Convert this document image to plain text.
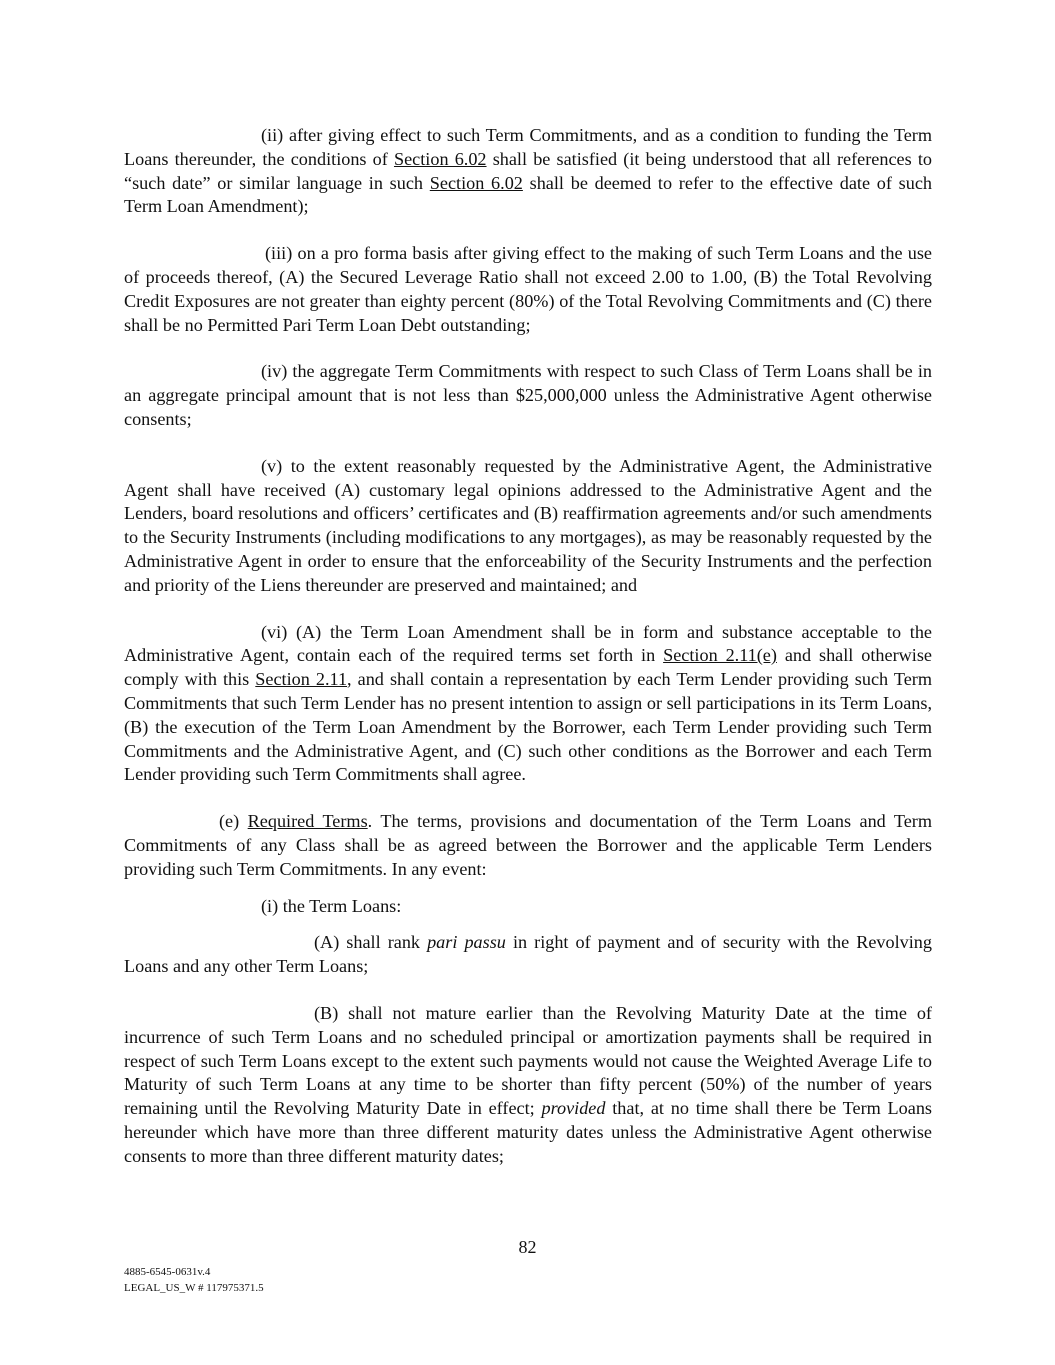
(ii) after giving effect to such Term Commitments, and as a condition to funding the Term Loans thereunder, the conditions of Section 6.02 shall be satisfied (it being understood that all references to “such date” or similar language in such Section 6.02 shall be deemed to refer to the effective date of such Term Loan Amendment);

(iii) on a pro forma basis after giving effect to the making of such Term Loans and the use of proceeds thereof, (A) the Secured Leverage Ratio shall not exceed 2.00 to 1.00, (B) the Total Revolving Credit Exposures are not greater than eighty percent (80%) of the Total Revolving Commitments and (C) there shall be no Permitted Pari Term Loan Debt outstanding;

(iv) the aggregate Term Commitments with respect to such Class of Term Loans shall be in an aggregate principal amount that is not less than $25,000,000 unless the Administrative Agent otherwise consents;

(v) to the extent reasonably requested by the Administrative Agent, the Administrative Agent shall have received (A) customary legal opinions addressed to the Administrative Agent and the Lenders, board resolutions and officers’ certificates and (B) reaffirmation agreements and/or such amendments to the Security Instruments (including modifications to any mortgages), as may be reasonably requested by the Administrative Agent in order to ensure that the enforceability of the Security Instruments and the perfection and priority of the Liens thereunder are preserved and maintained; and

(vi) (A) the Term Loan Amendment shall be in form and substance acceptable to the Administrative Agent, contain each of the required terms set forth in Section 2.11(e) and shall otherwise comply with this Section 2.11, and shall contain a representation by each Term Lender providing such Term Commitments that such Term Lender has no present intention to assign or sell participations in its Term Loans, (B) the execution of the Term Loan Amendment by the Borrower, each Term Lender providing such Term Commitments and the Administrative Agent, and (C) such other conditions as the Borrower and each Term Lender providing such Term Commitments shall agree.

(e) Required Terms. The terms, provisions and documentation of the Term Loans and Term Commitments of any Class shall be as agreed between the Borrower and the applicable Term Lenders providing such Term Commitments. In any event:

(i) the Term Loans:

(A) shall rank pari passu in right of payment and of security with the Revolving Loans and any other Term Loans;

(B) shall not mature earlier than the Revolving Maturity Date at the time of incurrence of such Term Loans and no scheduled principal or amortization payments shall be required in respect of such Term Loans except to the extent such payments would not cause the Weighted Average Life to Maturity of such Term Loans at any time to be shorter than fifty percent (50%) of the number of years remaining until the Revolving Maturity Date in effect; provided that, at no time shall there be Term Loans hereunder which have more than three different maturity dates unless the Administrative Agent otherwise consents to more than three different maturity dates;

82
4885-6545-0631v.4
LEGAL_US_W # 117975371.5
